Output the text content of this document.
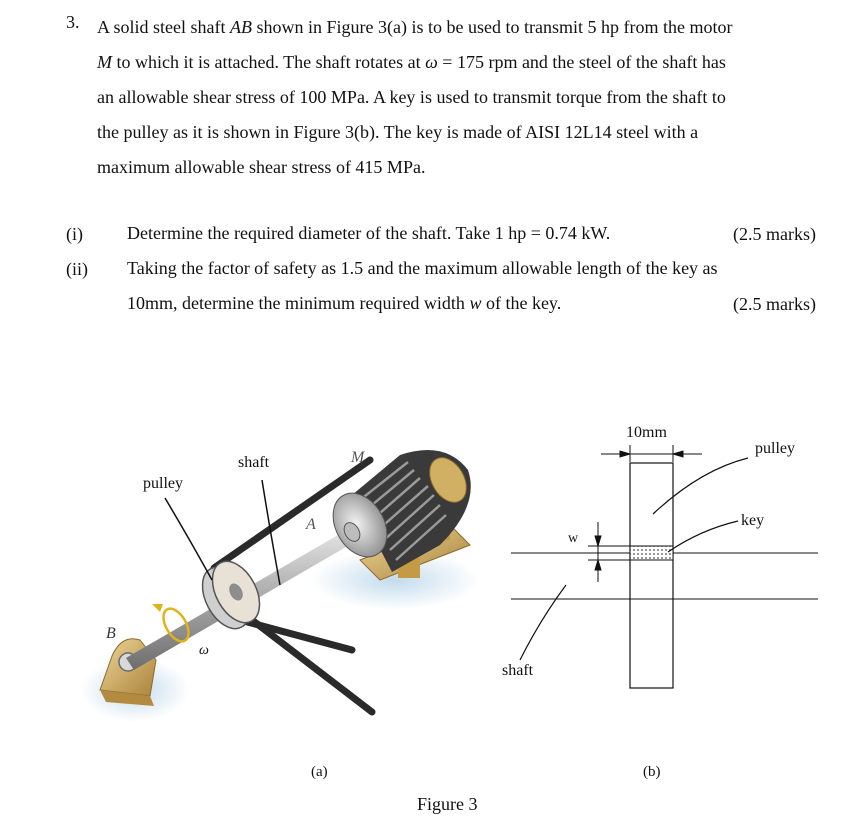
3. A solid steel shaft AB shown in Figure 3(a) is to be used to transmit 5 hp from the motor

M to which it is attached. The shaft rotates at ω = 175 rpm and the steel of the shaft has

an allowable shear stress of 100 MPa. A key is used to transmit torque from the shaft to

the pulley as it is shown in Figure 3(b). The key is made of AISI 12L14 steel with a

maximum allowable shear stress of 415 MPa.

(i) Determine the required diameter of the shaft. Take 1 hp = 0.74 kW.	(2.5 marks)
(ii) Taking the factor of safety as 1.5 and the maximum allowable length of the key as
10mm, determine the minimum required width w of the key.	(2.5 marks)
pulley
shaft	M
A
B
ω
(a)
10mm
pulley
key
w
shaft
(b)
Figure 3
